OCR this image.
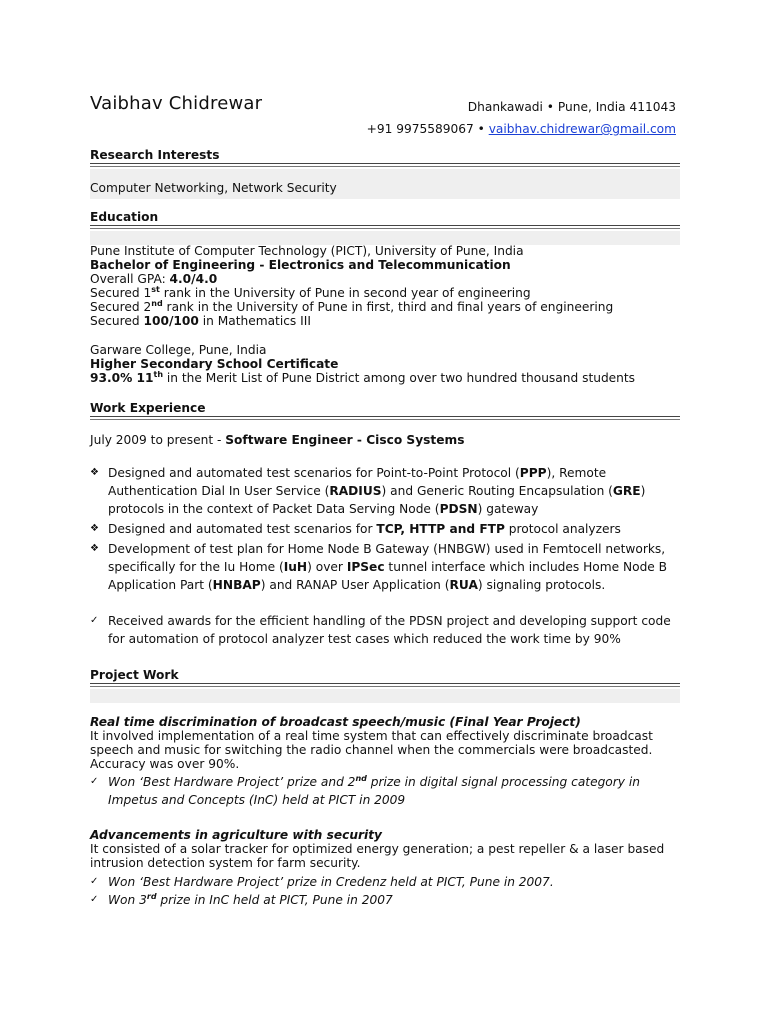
Vaibhav Chidrewar	Dhankawadi • Pune, India 411043
+91 9975589067 • vaibhav.chidrewar@gmail.com
Research Interests
Computer Networking, Network Security
Education
Pune Institute of Computer Technology (PICT), University of Pune, India
Bachelor of Engineering - Electronics and Telecommunication
Overall GPA: 4.0/4.0
Secured 1st rank in the University of Pune in second year of engineering
Secured 2nd rank in the University of Pune in first, third and final years of engineering
Secured 100/100 in Mathematics III
Garware College, Pune, India
Higher Secondary School Certificate
93.0% 11th in the Merit List of Pune District among over two hundred thousand students
Work Experience
July 2009 to present - Software Engineer - Cisco Systems
❖ Designed and automated test scenarios for Point-to-Point Protocol (PPP), Remote
Authentication Dial In User Service (RADIUS) and Generic Routing Encapsulation (GRE)
protocols in the context of Packet Data Serving Node (PDSN) gateway
❖ Designed and automated test scenarios for TCP, HTTP and FTP protocol analyzers
❖ Development of test plan for Home Node B Gateway (HNBGW) used in Femtocell networks,
specifically for the Iu Home (IuH) over IPSec tunnel interface which includes Home Node B
Application Part (HNBAP) and RANAP User Application (RUA) signaling protocols.
✓ Received awards for the efficient handling of the PDSN project and developing support code
for automation of protocol analyzer test cases which reduced the work time by 90%
Project Work
Real time discrimination of broadcast speech/music (Final Year Project)
It involved implementation of a real time system that can effectively discriminate broadcast
speech and music for switching the radio channel when the commercials were broadcasted.
Accuracy was over 90%.
✓ Won ‘Best Hardware Project’ prize and 2nd prize in digital signal processing category in
Impetus and Concepts (InC) held at PICT in 2009
Advancements in agriculture with security
It consisted of a solar tracker for optimized energy generation; a pest repeller & a laser based
intrusion detection system for farm security.
✓ Won ‘Best Hardware Project’ prize in Credenz held at PICT, Pune in 2007.
✓ Won 3rd prize in InC held at PICT, Pune in 2007
